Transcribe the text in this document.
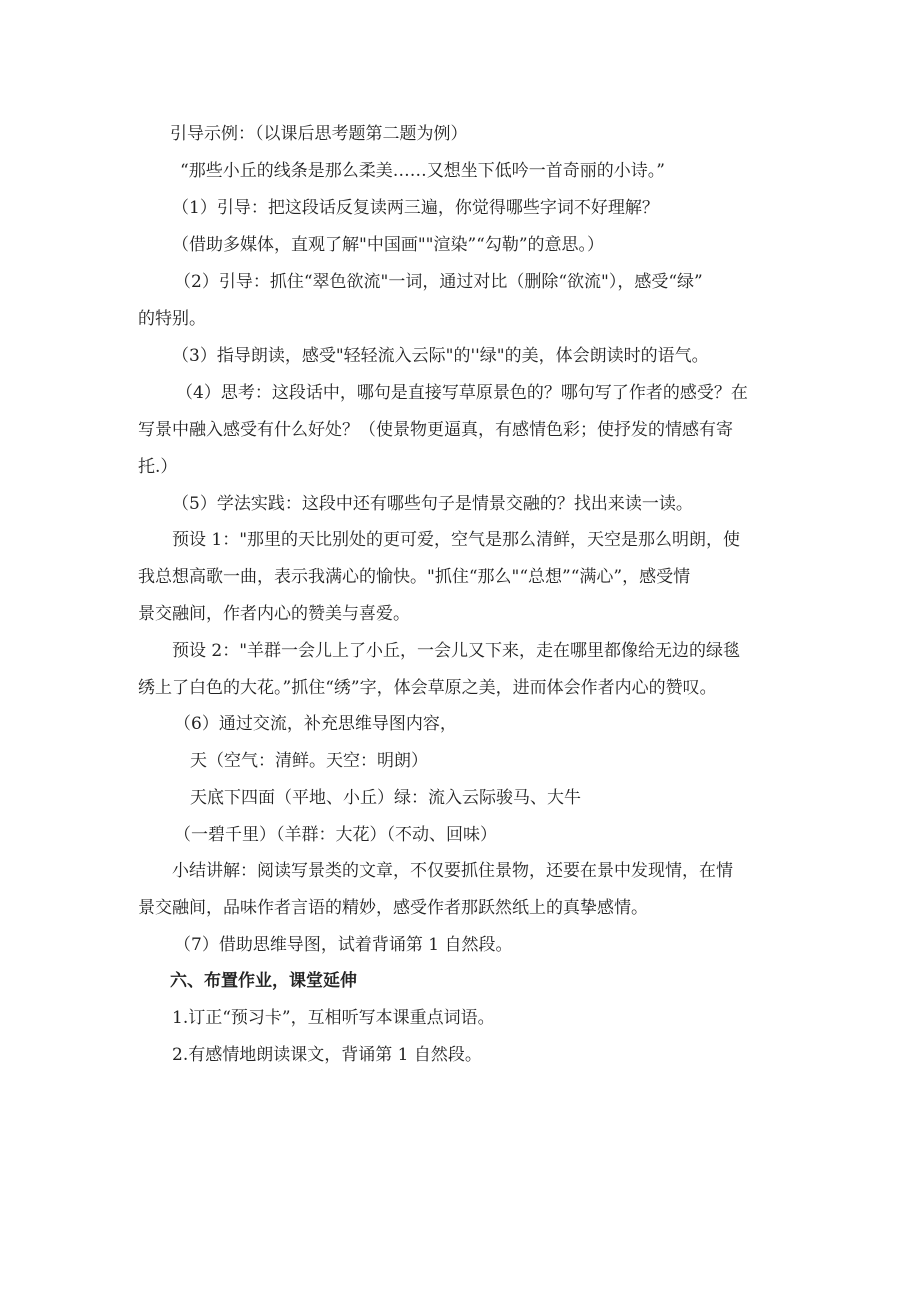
引导示例：（以课后思考题第二题为例）
“那些小丘的线条是那么柔美……又想坐下低吟一首奇丽的小诗。”
（1）引导：把这段话反复读两三遍，你觉得哪些字词不好理解？
（借助多媒体，直观了解"中国画""渲染”“勾勒”的意思。）
（2）引导：抓住“翠色欲流"一词，通过对比（删除“欲流"），感受“绿”
的特别。
（3）指导朗读，感受"轻轻流入云际"的''绿"的美，体会朗读时的语气。
（4）思考：这段话中，哪句是直接写草原景色的？哪句写了作者的感受？在
写景中融入感受有什么好处？（使景物更逼真，有感情色彩；使抒发的情感有寄
托.）
（5）学法实践：这段中还有哪些句子是情景交融的？找出来读一读。
预设 1："那里的天比别处的更可爱，空气是那么清鲜，天空是那么明朗，使
我总想高歌一曲，表示我满心的愉快。"抓住“那么"“总想”“满心”，感受情
景交融间，作者内心的赞美与喜爱。
预设 2："羊群一会儿上了小丘，一会儿又下来，走在哪里都像给无边的绿毯
绣上了白色的大花。”抓住“绣”字，体会草原之美，进而体会作者内心的赞叹。
（6）通过交流，补充思维导图内容，
天（空气：清鲜。天空：明朗）
天底下四面（平地、小丘）绿：流入云际骏马、大牛
（一碧千里）（羊群：大花）（不动、回味）
小结讲解：阅读写景类的文章，不仅要抓住景物，还要在景中发现情，在情
景交融间，品味作者言语的精妙，感受作者那跃然纸上的真挚感情。
（7）借助思维导图，试着背诵第 1 自然段。
六、布置作业，课堂延伸
1.订正“预习卡”，互相听写本课重点词语。
2.有感情地朗读课文，背诵第 1 自然段。
